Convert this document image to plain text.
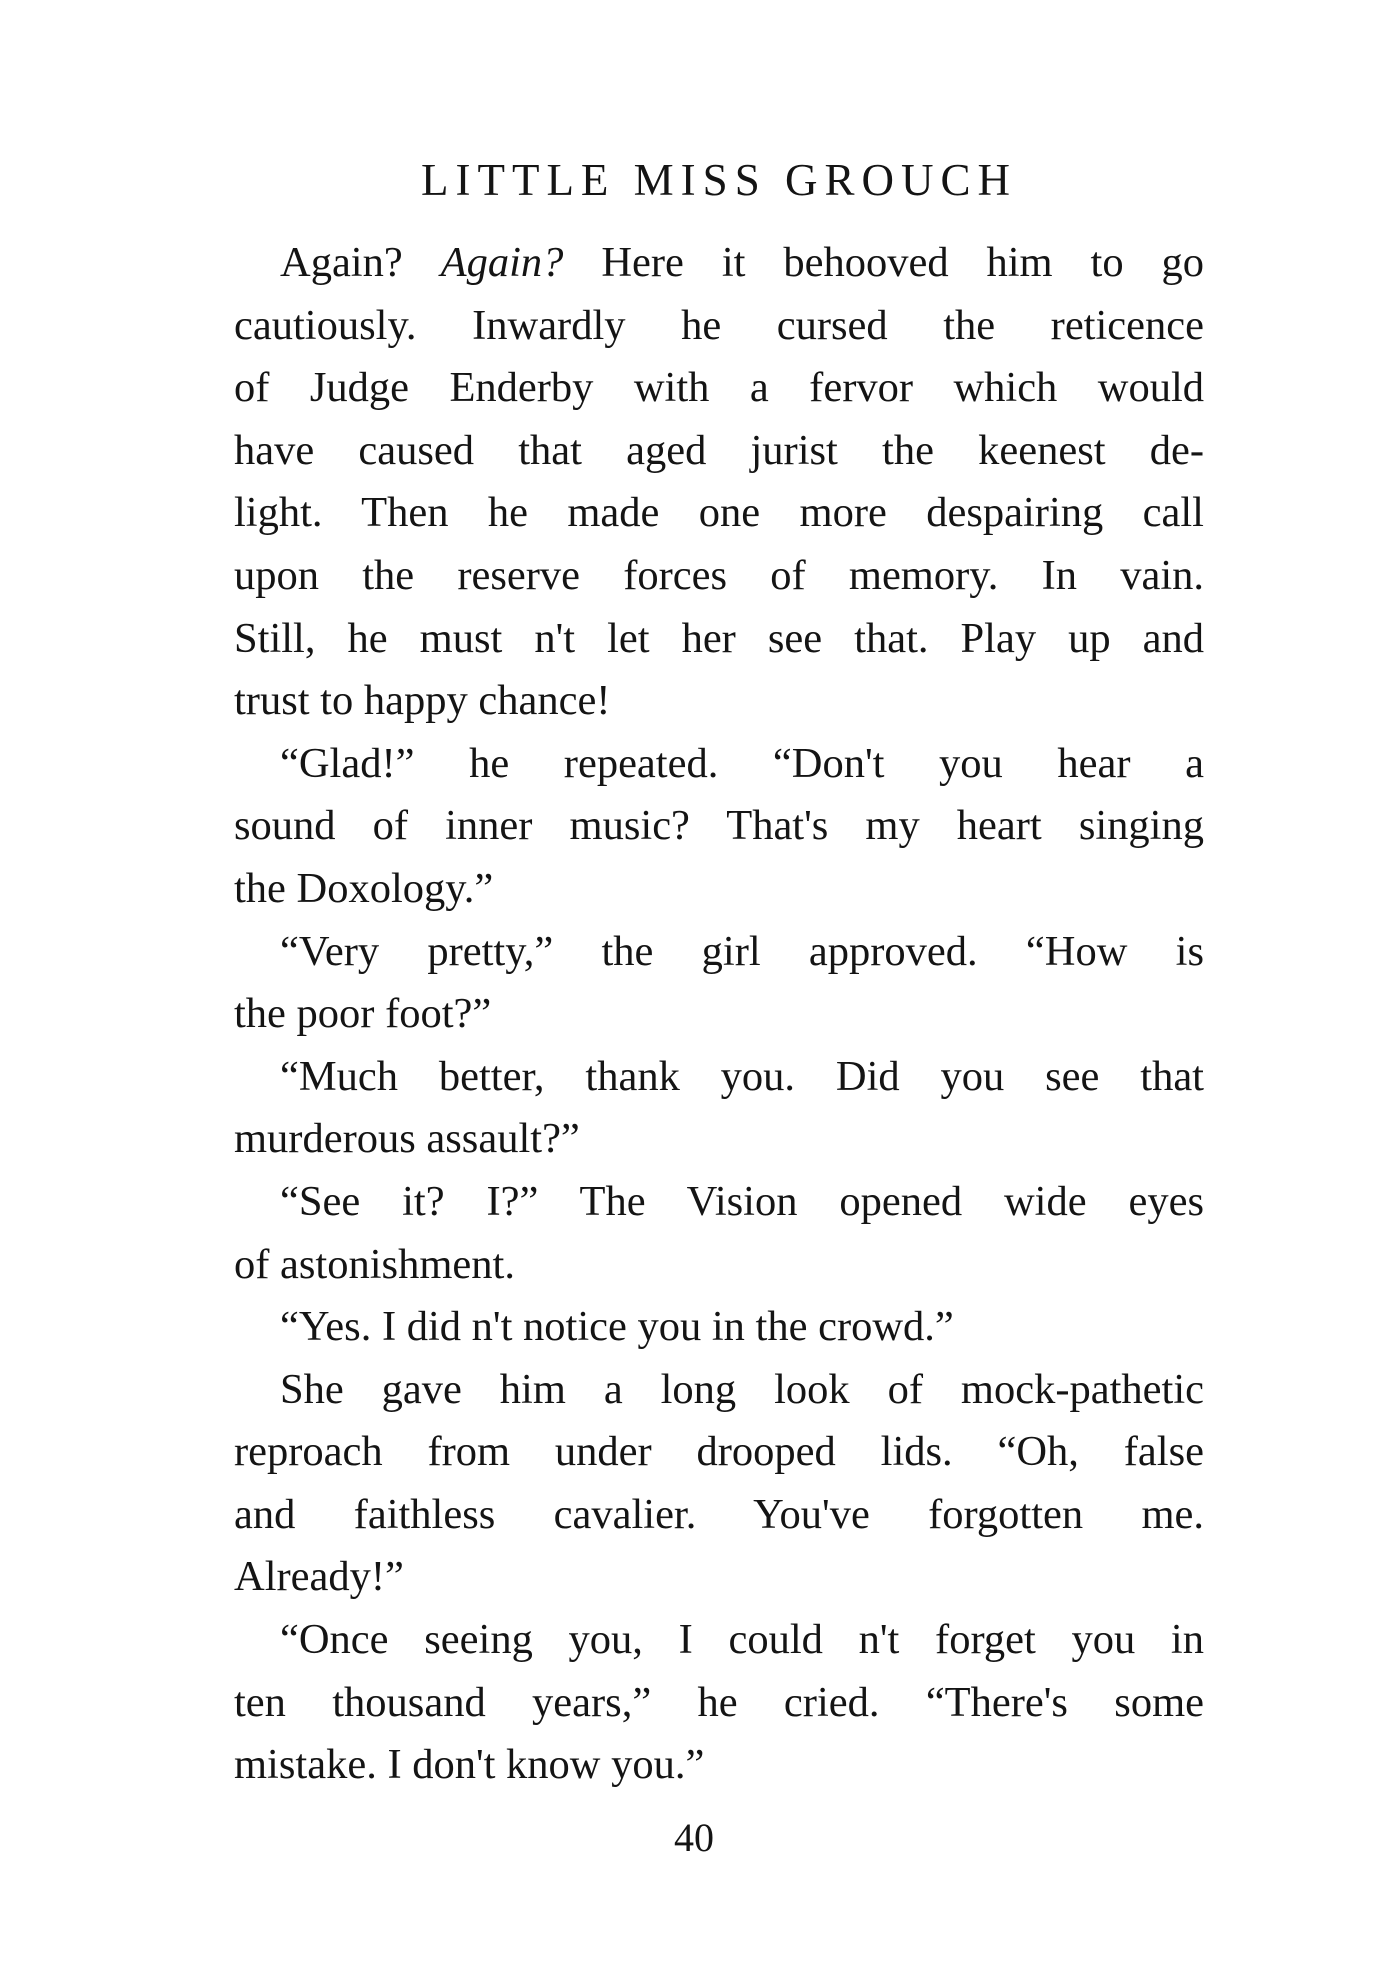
LITTLE MISS GROUCH
Again? Again? Here it behooved him to go
cautiously. Inwardly he cursed the reticence
of Judge Enderby with a fervor which would
have caused that aged jurist the keenest de-
light. Then he made one more despairing call
upon the reserve forces of memory. In vain.
Still, he must n't let her see that. Play up and
trust to happy chance!
“Glad!” he repeated. “Don't you hear a
sound of inner music? That's my heart singing
the Doxology.”
“Very pretty,” the girl approved. “How is
the poor foot?”
“Much better, thank you. Did you see that
murderous assault?”
“See it? I?” The Vision opened wide eyes
of astonishment.
“Yes. I did n't notice you in the crowd.”
She gave him a long look of mock-pathetic
reproach from under drooped lids. “Oh, false
and faithless cavalier. You've forgotten me.
Already!”
“Once seeing you, I could n't forget you in
ten thousand years,” he cried. “There's some
mistake. I don't know you.”
40
